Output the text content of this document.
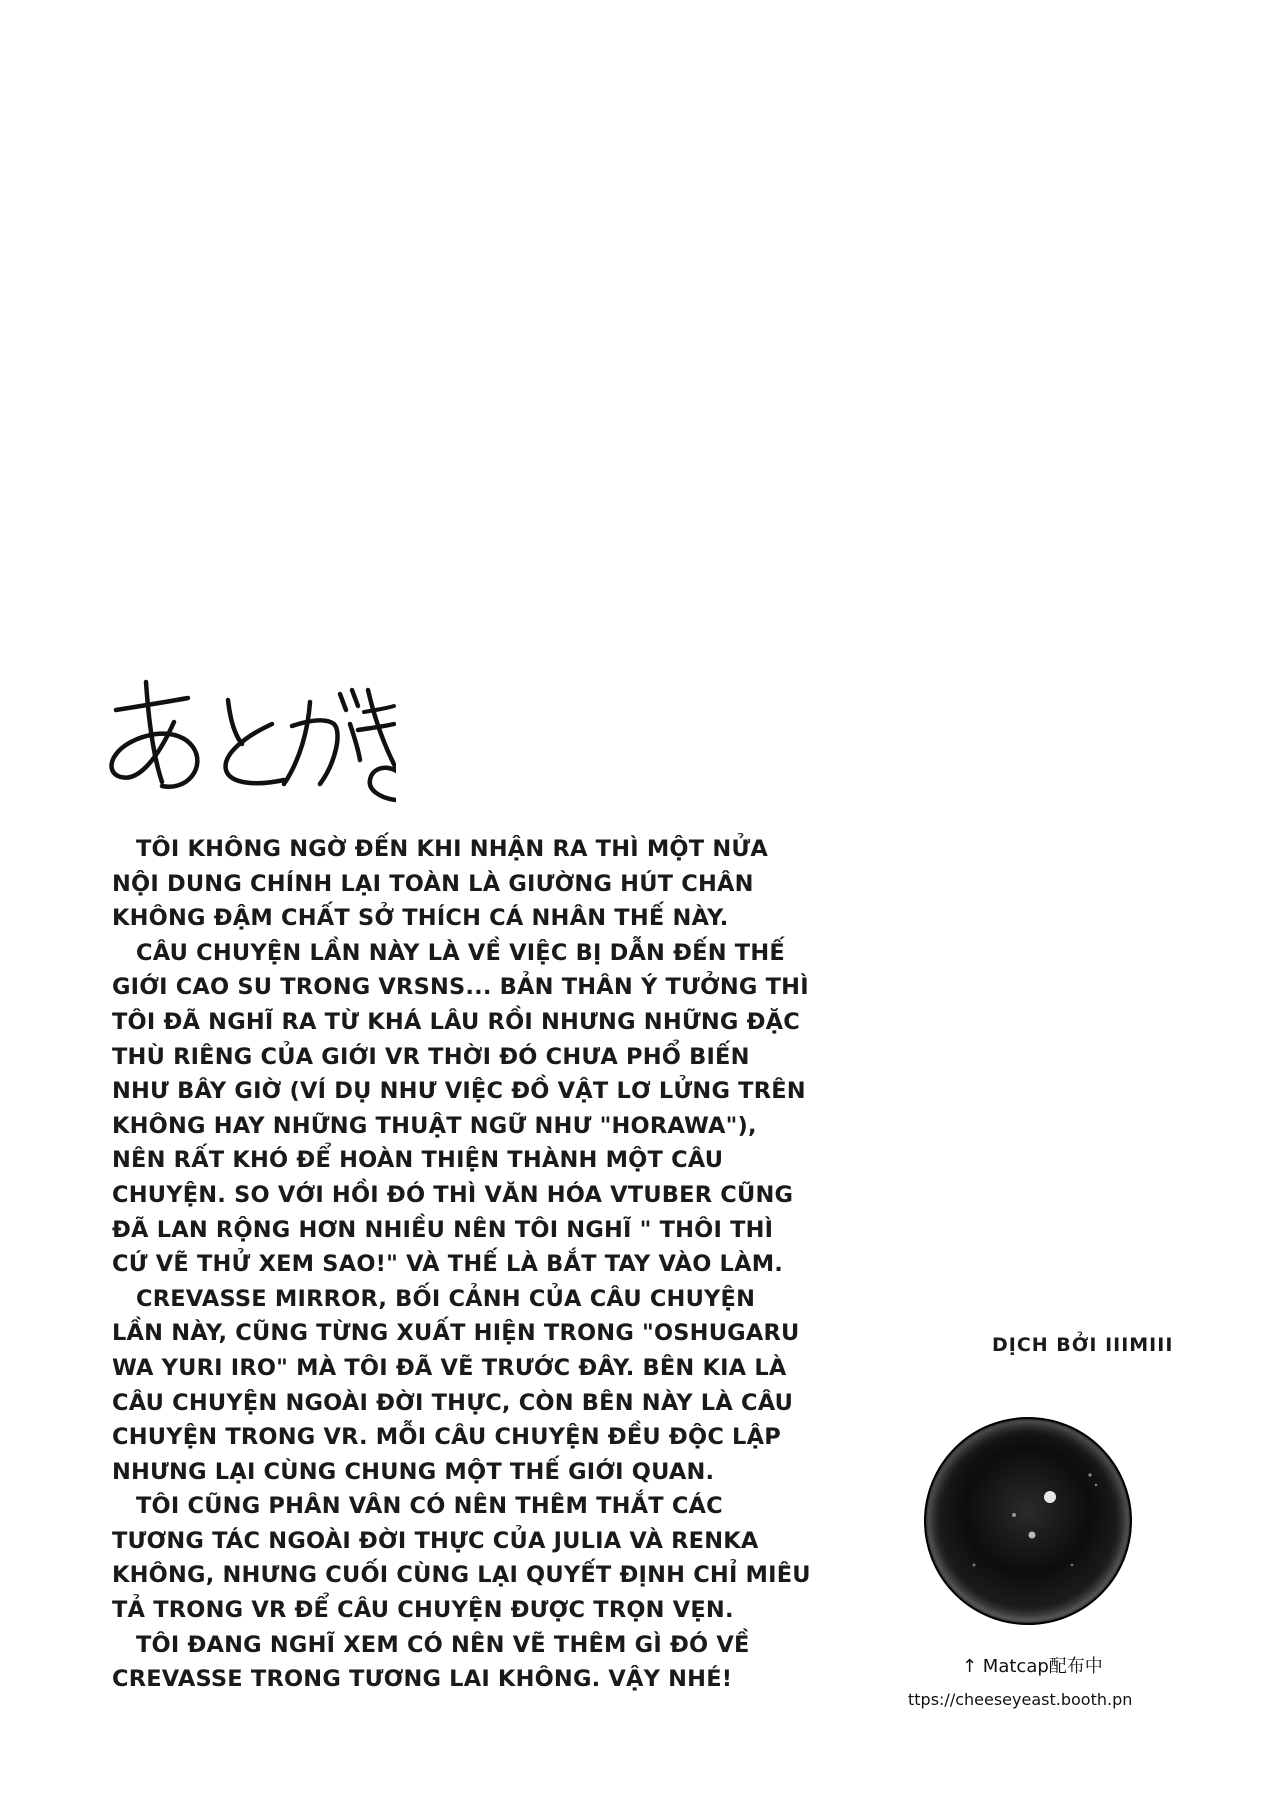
TÔI KHÔNG NGỜ ĐẾN KHI NHẬN RA THÌ MỘT NỬA NỘI DUNG CHÍNH LẠI TOÀN LÀ GIƯỜNG HÚT CHÂN KHÔNG ĐẬM CHẤT SỞ THÍCH CÁ NHÂN THẾ NÀY.

CÂU CHUYỆN LẦN NÀY LÀ VỀ VIỆC BỊ DẪN ĐẾN THẾ GIỚI CAO SU TRONG VRSNS... BẢN THÂN Ý TƯỞNG THÌ TÔI ĐÃ NGHĨ RA TỪ KHÁ LÂU RỒI NHƯNG NHỮNG ĐẶC THÙ RIÊNG CỦA GIỚI VR THỜI ĐÓ CHƯA PHỔ BIẾN NHƯ BÂY GIỜ (VÍ DỤ NHƯ VIỆC ĐỒ VẬT LƠ LỬNG TRÊN KHÔNG HAY NHỮNG THUẬT NGỮ NHƯ "HORAWA"), NÊN RẤT KHÓ ĐỂ HOÀN THIỆN THÀNH MỘT CÂU CHUYỆN. SO VỚI HỒI ĐÓ THÌ VĂN HÓA VTUBER CŨNG ĐÃ LAN RỘNG HƠN NHIỀU NÊN TÔI NGHĨ " THÔI THÌ CỨ VẼ THỬ XEM SAO!" VÀ THẾ LÀ BẮT TAY VÀO LÀM.

CREVASSE MIRROR, BỐI CẢNH CỦA CÂU CHUYỆN LẦN NÀY, CŨNG TỪNG XUẤT HIỆN TRONG "OSHUGARU WA YURI IRO" MÀ TÔI ĐÃ VẼ TRƯỚC ĐÂY. BÊN KIA LÀ CÂU CHUYỆN NGOÀI ĐỜI THỰC, CÒN BÊN NÀY LÀ CÂU CHUYỆN TRONG VR. MỖI CÂU CHUYỆN ĐỀU ĐỘC LẬP NHƯNG LẠI CÙNG CHUNG MỘT THẾ GIỚI QUAN.

TÔI CŨNG PHÂN VÂN CÓ NÊN THÊM THẮT CÁC TƯƠNG TÁC NGOÀI ĐỜI THỰC CỦA JULIA VÀ RENKA KHÔNG, NHƯNG CUỐI CÙNG LẠI QUYẾT ĐỊNH CHỈ MIÊU TẢ TRONG VR ĐỂ CÂU CHUYỆN ĐƯỢC TRỌN VẸN.

TÔI ĐANG NGHĨ XEM CÓ NÊN VẼ THÊM GÌ ĐÓ VỀ CREVASSE TRONG TƯƠNG LAI KHÔNG. VẬY NHÉ!

DỊCH BỞI IIIMIII
↑ Matcap配布中
ttps://cheeseyeast.booth.pn
